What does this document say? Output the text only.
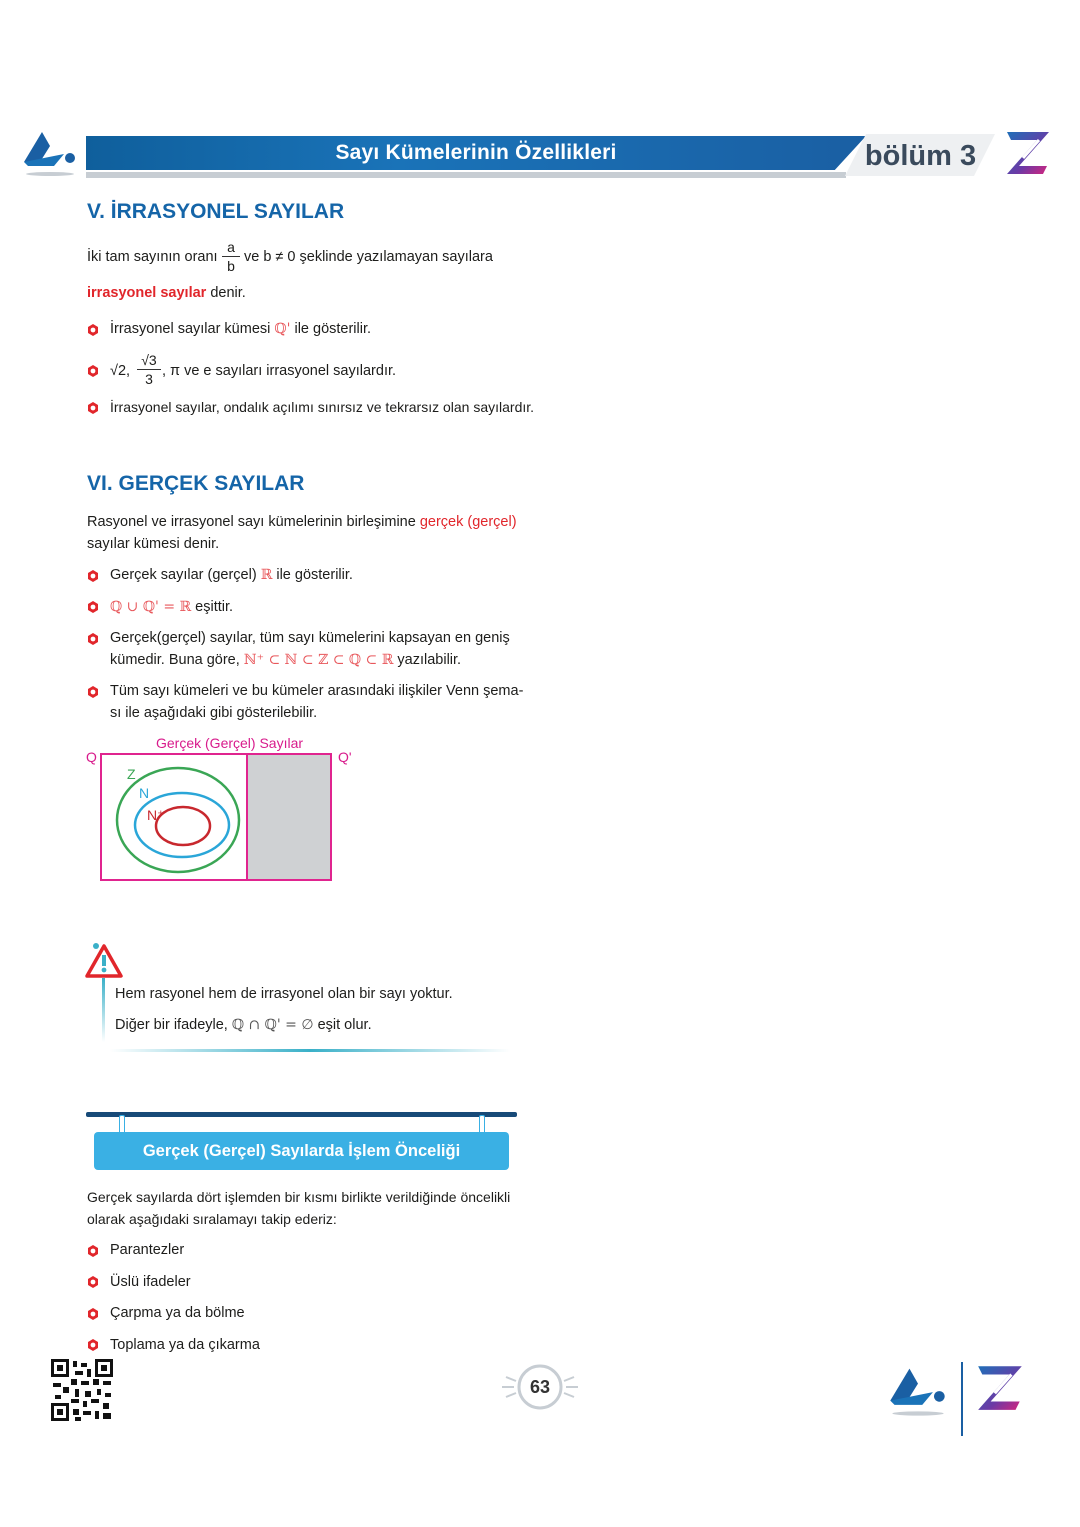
Sayı Kümelerinin Özellikleri	bölüm 3
V. İRRASYONEL SAYILAR
İki tam sayının oranı $\frac{a}{b}$ ve b ≠ 0 şeklinde yazılamayan sayılara
irrasyonel sayılar denir.
İrrasyonel sayılar kümesi ℚ' ile gösterilir.
√2, $\frac{√3}{3}$ , π ve e sayıları irrasyonel sayılardır.
İrrasyonel sayılar, ondalık açılımı sınırsız ve tekrarsız olan sayılardır.
VI. GERÇEK SAYILAR
Rasyonel ve irrasyonel sayı kümelerinin birleşimine gerçek (gerçel)
sayılar kümesi denir.
Gerçek sayılar (gerçel) ℝ ile gösterilir.
ℚ ∪ ℚ' = ℝ eşittir.
Gerçek(gerçel) sayılar, tüm sayı kümelerini kapsayan en geniş
kümedir. Buna göre, ℕ⁺ ⊂ ℕ ⊂ ℤ ⊂ ℚ ⊂ ℝ yazılabilir.
Tüm sayı kümeleri ve bu kümeler arasındaki ilişkiler Venn şema-
sı ile aşağıdaki gibi gösterilebilir.
Gerçek (Gerçel) Sayılar
Q	Q'
Z
N
N⁺
Hem rasyonel hem de irrasyonel olan bir sayı yoktur.
Diğer bir ifadeyle, ℚ ∩ ℚ' = ∅ eşit olur.
Gerçek (Gerçel) Sayılarda İşlem Önceliği
Gerçek sayılarda dört işlemden bir kısmı birlikte verildiğinde öncelikli
olarak aşağıdaki sıralamayı takip ederiz:
Parantezler
Üslü ifadeler
Çarpma ya da bölme
Toplama ya da çıkarma
63
